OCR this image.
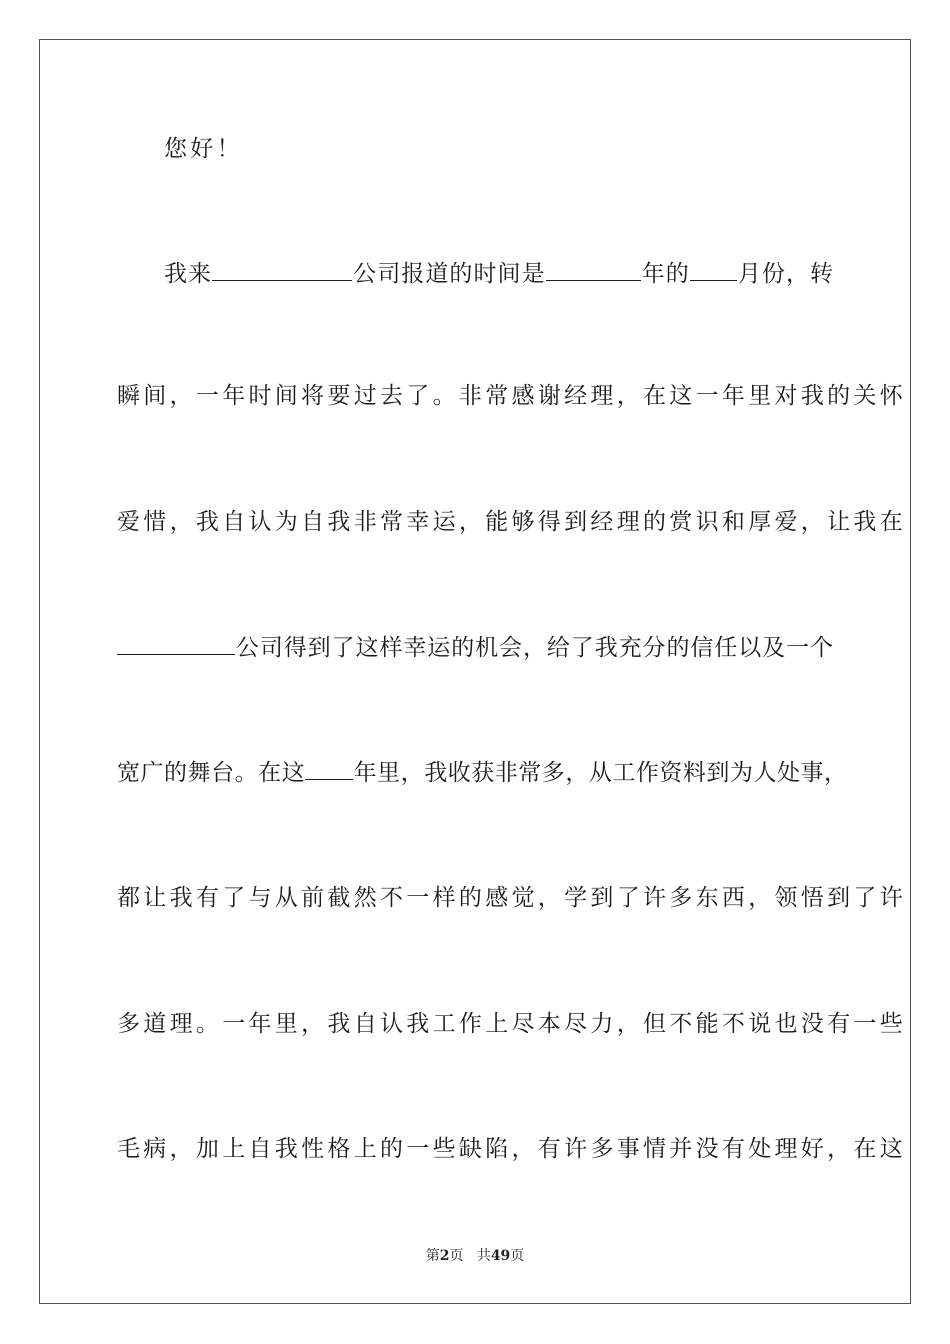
您好！
我来	公司报道的时间是	年的 月份，转
瞬间，一年时间将要过去了。非常感谢经理，在这一年里对我的关怀
爱惜，我自认为自我非常幸运，能够得到经理的赏识和厚爱，让我在
公司得到了这样幸运的机会，给了我充分的信任以及一个
宽广的舞台。在这 年里，我收获非常多，从工作资料到为人处事，
都让我有了与从前截然不一样的感觉，学到了许多东西，领悟到了许
多道理。一年里，我自认我工作上尽本尽力，但不能不说也没有一些
毛病，加上自我性格上的一些缺陷，有许多事情并没有处理好，在这
第2页 共49页
